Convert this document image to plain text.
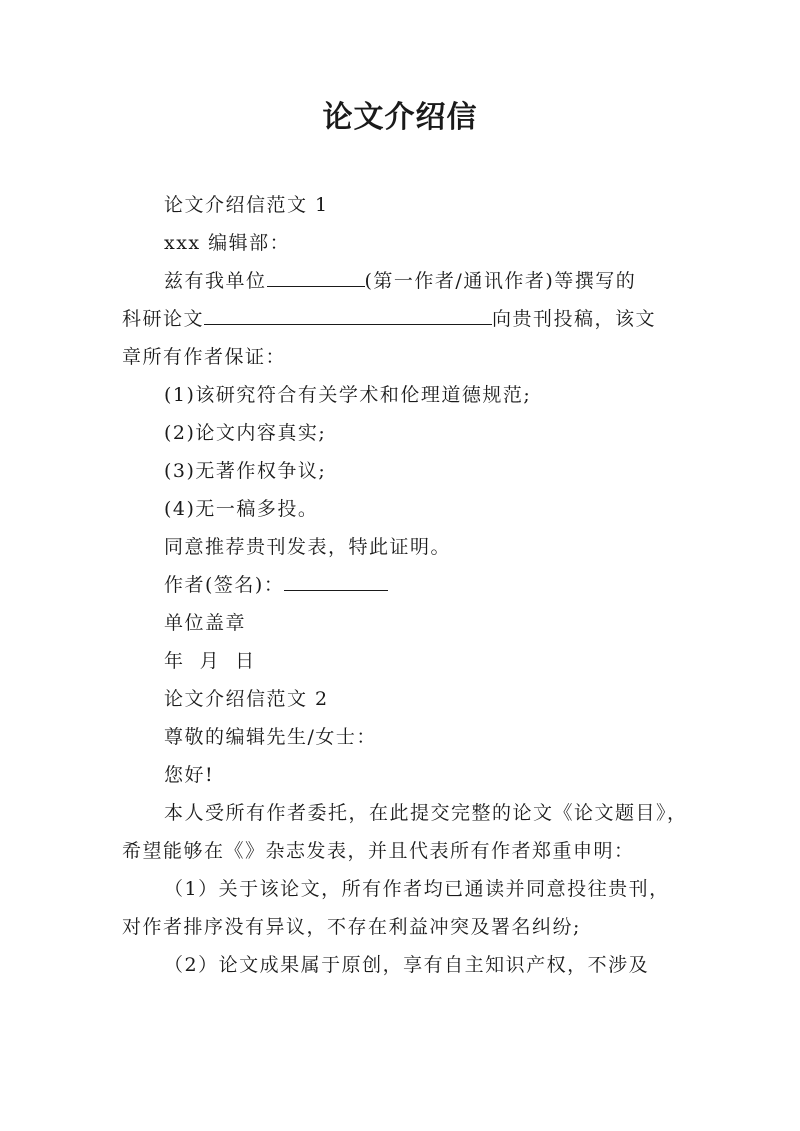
论文介绍信

论文介绍信范文 1

xxx 编辑部：

兹有我单位	(第一作者/通讯作者)等撰写的

科研论文	向贵刊投稿，该文

章所有作者保证：

(1)该研究符合有关学术和伦理道德规范;

(2)论文内容真实;

(3)无著作权争议;

(4)无一稿多投。

同意推荐贵刊发表，特此证明。

作者(签名)：

单位盖章

年  月  日

论文介绍信范文 2

尊敬的编辑先生/女士：

您好!

本人受所有作者委托，在此提交完整的论文《论文题目》，希望能够在《》杂志发表，并且代表所有作者郑重申明：

（1）关于该论文，所有作者均已通读并同意投往贵刊，对作者排序没有异议，不存在利益冲突及署名纠纷;

（2）论文成果属于原创，享有自主知识产权，不涉及
